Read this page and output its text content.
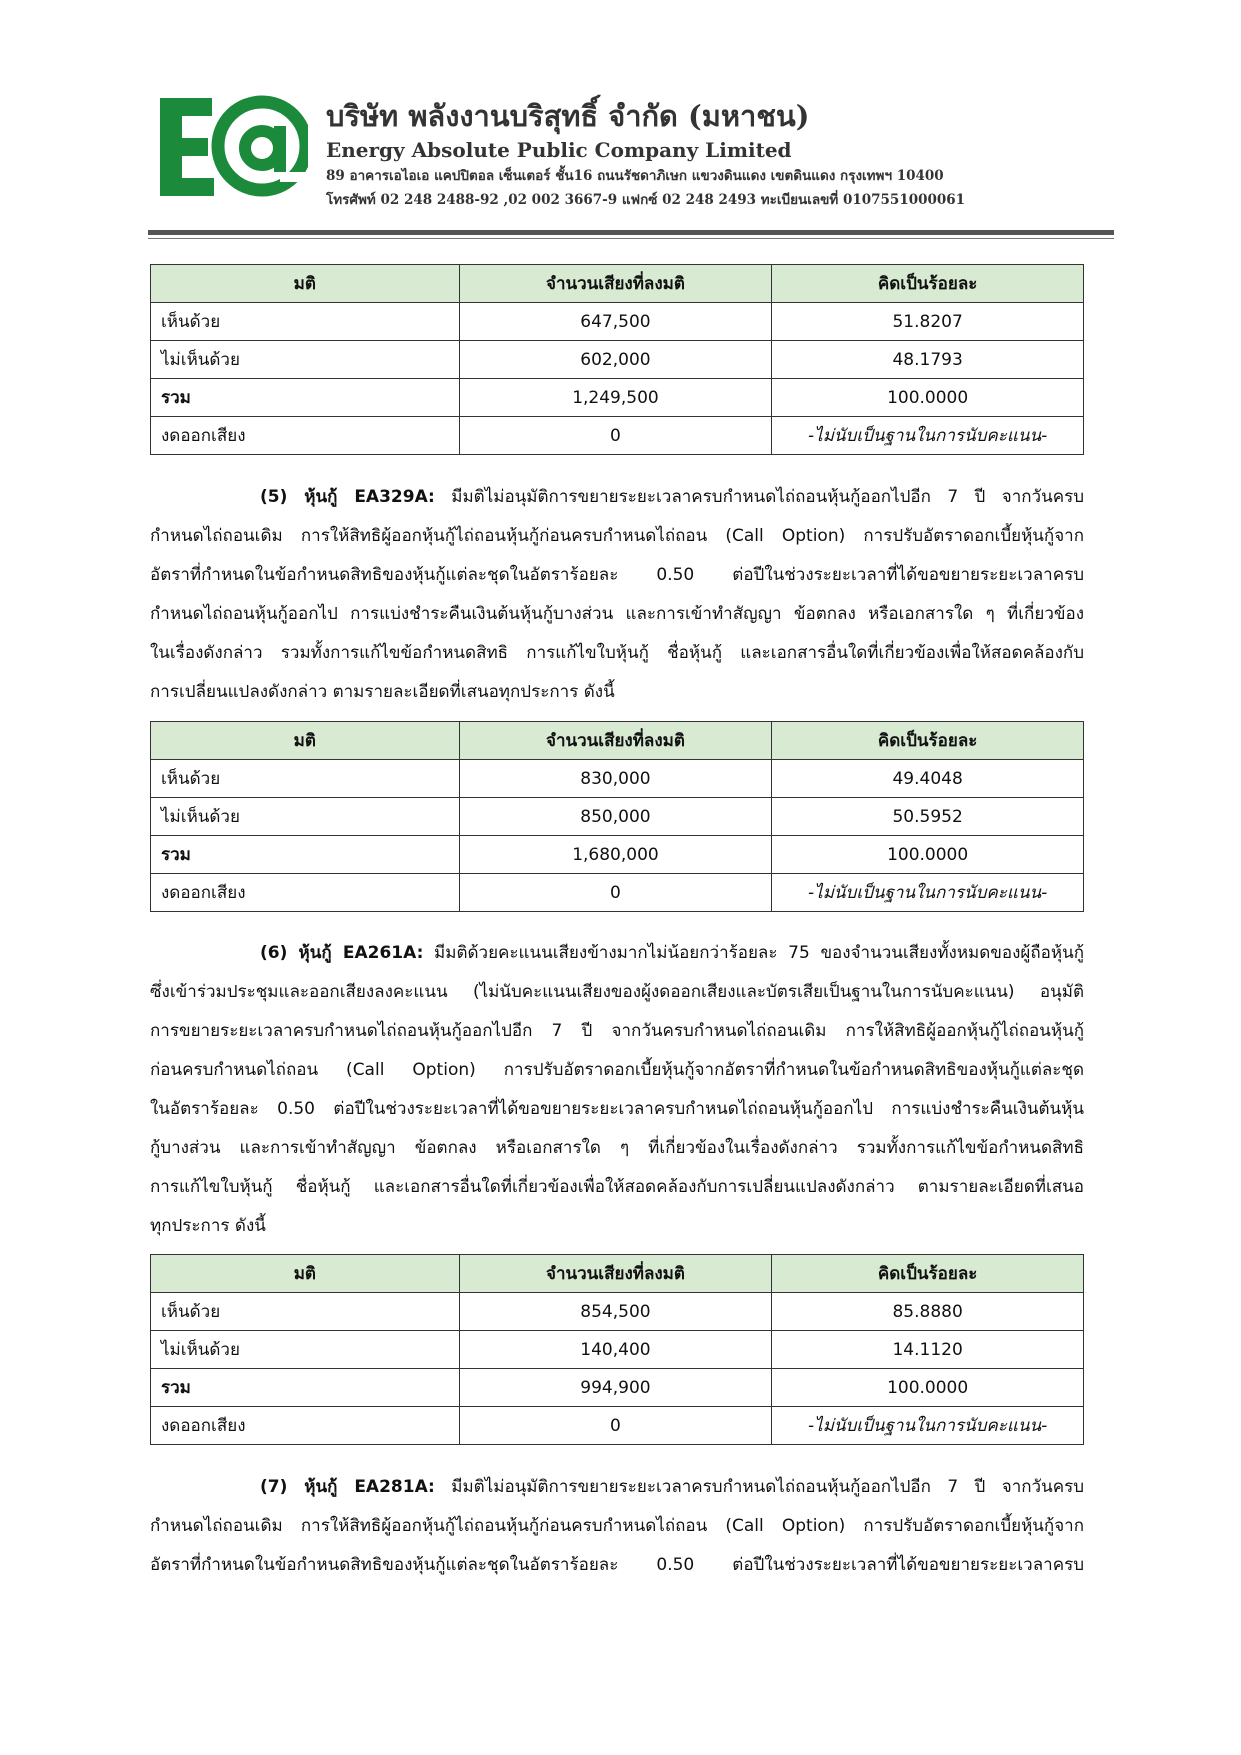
บริษัท พลังงานบริสุทธิ์ จำกัด (มหาชน)
Energy Absolute Public Company Limited
89 อาคารเอไอเอ แคปปิตอล เซ็นเตอร์ ชั้น16 ถนนรัชดาภิเษก แขวงดินแดง เขตดินแดง กรุงเทพฯ 10400
โทรศัพท์ 02 248 2488-92 ,02 002 3667-9 แฟกซ์ 02 248 2493 ทะเบียนเลขที่ 0107551000061
มติ	จำนวนเสียงที่ลงมติ	คิดเป็นร้อยละ
เห็นด้วย	647,500	51.8207
ไม่เห็นด้วย	602,000	48.1793
รวม	1,249,500	100.0000
งดออกเสียง	0	-ไม่นับเป็นฐานในการนับคะแนน-
(5) หุ้นกู้ EA329A: มีมติไม่อนุมัติการขยายระยะเวลาครบกำหนดไถ่ถอนหุ้นกู้ออกไปอีก 7 ปี จากวันครบ
กำหนดไถ่ถอนเดิม การให้สิทธิผู้ออกหุ้นกู้ไถ่ถอนหุ้นกู้ก่อนครบกำหนดไถ่ถอน (Call Option) การปรับอัตราดอกเบี้ยหุ้นกู้จาก
อัตราที่กำหนดในข้อกำหนดสิทธิของหุ้นกู้แต่ละชุดในอัตราร้อยละ 0.50 ต่อปีในช่วงระยะเวลาที่ได้ขอขยายระยะเวลาครบ
กำหนดไถ่ถอนหุ้นกู้ออกไป การแบ่งชำระคืนเงินต้นหุ้นกู้บางส่วน และการเข้าทำสัญญา ข้อตกลง หรือเอกสารใด ๆ ที่เกี่ยวข้อง
ในเรื่องดังกล่าว รวมทั้งการแก้ไขข้อกำหนดสิทธิ การแก้ไขใบหุ้นกู้ ชื่อหุ้นกู้ และเอกสารอื่นใดที่เกี่ยวข้องเพื่อให้สอดคล้องกับ
การเปลี่ยนแปลงดังกล่าว ตามรายละเอียดที่เสนอทุกประการ ดังนี้
มติ	จำนวนเสียงที่ลงมติ	คิดเป็นร้อยละ
เห็นด้วย	830,000	49.4048
ไม่เห็นด้วย	850,000	50.5952
รวม	1,680,000	100.0000
งดออกเสียง	0	-ไม่นับเป็นฐานในการนับคะแนน-
(6) หุ้นกู้ EA261A: มีมติด้วยคะแนนเสียงข้างมากไม่น้อยกว่าร้อยละ 75 ของจำนวนเสียงทั้งหมดของผู้ถือหุ้นกู้
ซึ่งเข้าร่วมประชุมและออกเสียงลงคะแนน (ไม่นับคะแนนเสียงของผู้งดออกเสียงและบัตรเสียเป็นฐานในการนับคะแนน) อนุมัติ
การขยายระยะเวลาครบกำหนดไถ่ถอนหุ้นกู้ออกไปอีก 7 ปี จากวันครบกำหนดไถ่ถอนเดิม การให้สิทธิผู้ออกหุ้นกู้ไถ่ถอนหุ้นกู้
ก่อนครบกำหนดไถ่ถอน (Call Option) การปรับอัตราดอกเบี้ยหุ้นกู้จากอัตราที่กำหนดในข้อกำหนดสิทธิของหุ้นกู้แต่ละชุด
ในอัตราร้อยละ 0.50 ต่อปีในช่วงระยะเวลาที่ได้ขอขยายระยะเวลาครบกำหนดไถ่ถอนหุ้นกู้ออกไป การแบ่งชำระคืนเงินต้นหุ้น
กู้บางส่วน และการเข้าทำสัญญา ข้อตกลง หรือเอกสารใด ๆ ที่เกี่ยวข้องในเรื่องดังกล่าว รวมทั้งการแก้ไขข้อกำหนดสิทธิ
การแก้ไขใบหุ้นกู้ ชื่อหุ้นกู้ และเอกสารอื่นใดที่เกี่ยวข้องเพื่อให้สอดคล้องกับการเปลี่ยนแปลงดังกล่าว ตามรายละเอียดที่เสนอ
ทุกประการ ดังนี้
มติ	จำนวนเสียงที่ลงมติ	คิดเป็นร้อยละ
เห็นด้วย	854,500	85.8880
ไม่เห็นด้วย	140,400	14.1120
รวม	994,900	100.0000
งดออกเสียง	0	-ไม่นับเป็นฐานในการนับคะแนน-
(7) หุ้นกู้ EA281A: มีมติไม่อนุมัติการขยายระยะเวลาครบกำหนดไถ่ถอนหุ้นกู้ออกไปอีก 7 ปี จากวันครบ
กำหนดไถ่ถอนเดิม การให้สิทธิผู้ออกหุ้นกู้ไถ่ถอนหุ้นกู้ก่อนครบกำหนดไถ่ถอน (Call Option) การปรับอัตราดอกเบี้ยหุ้นกู้จาก
อัตราที่กำหนดในข้อกำหนดสิทธิของหุ้นกู้แต่ละชุดในอัตราร้อยละ 0.50 ต่อปีในช่วงระยะเวลาที่ได้ขอขยายระยะเวลาครบ
